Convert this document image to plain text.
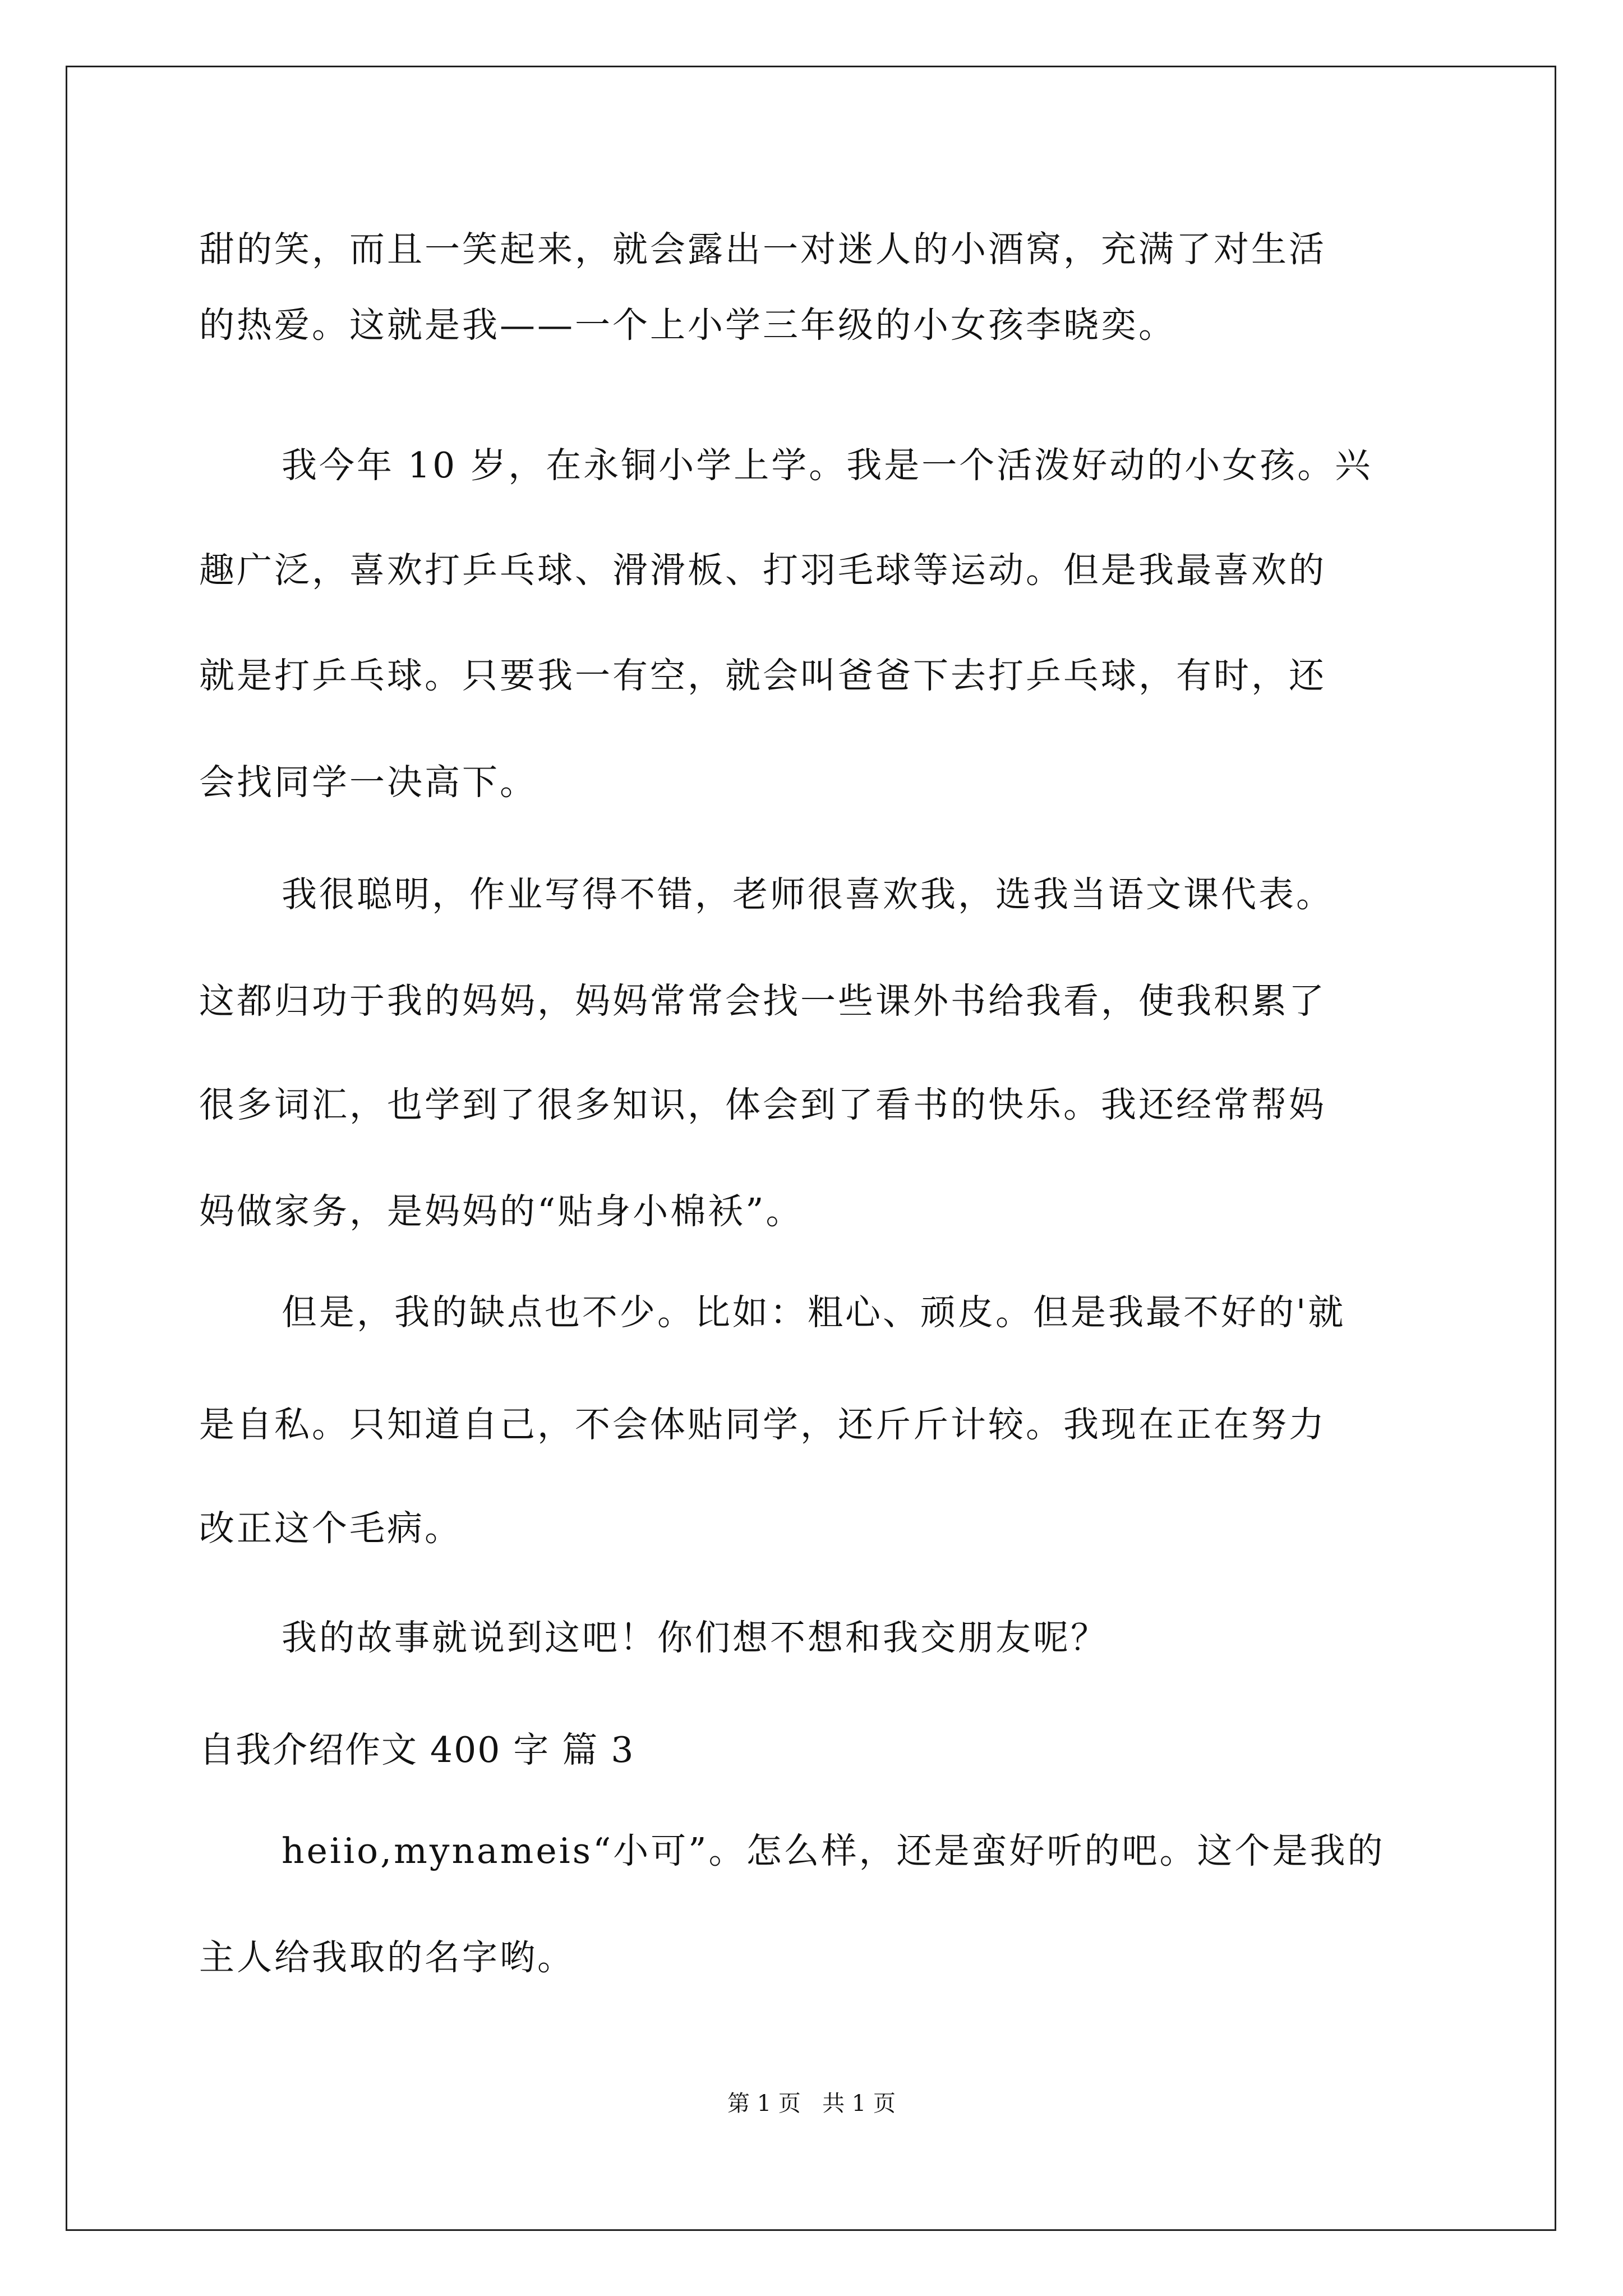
甜的笑，而且一笑起来，就会露出一对迷人的小酒窝，充满了对生活
的热爱。这就是我——一个上小学三年级的小女孩李晓奕。
我今年 10 岁，在永铜小学上学。我是一个活泼好动的小女孩。兴
趣广泛，喜欢打乒乓球、滑滑板、打羽毛球等运动。但是我最喜欢的
就是打乒乓球。只要我一有空，就会叫爸爸下去打乒乓球，有时，还
会找同学一决高下。
我很聪明，作业写得不错，老师很喜欢我，选我当语文课代表。
这都归功于我的妈妈，妈妈常常会找一些课外书给我看，使我积累了
很多词汇，也学到了很多知识，体会到了看书的快乐。我还经常帮妈
妈做家务，是妈妈的“贴身小棉袄”。
但是，我的缺点也不少。比如：粗心、顽皮。但是我最不好的'就
是自私。只知道自己，不会体贴同学，还斤斤计较。我现在正在努力
改正这个毛病。
我的故事就说到这吧！你们想不想和我交朋友呢？
自我介绍作文 400 字 篇 3
heiio,mynameis“小可”。怎么样，还是蛮好听的吧。这个是我的
主人给我取的名字哟。
第 1 页   共 1 页
